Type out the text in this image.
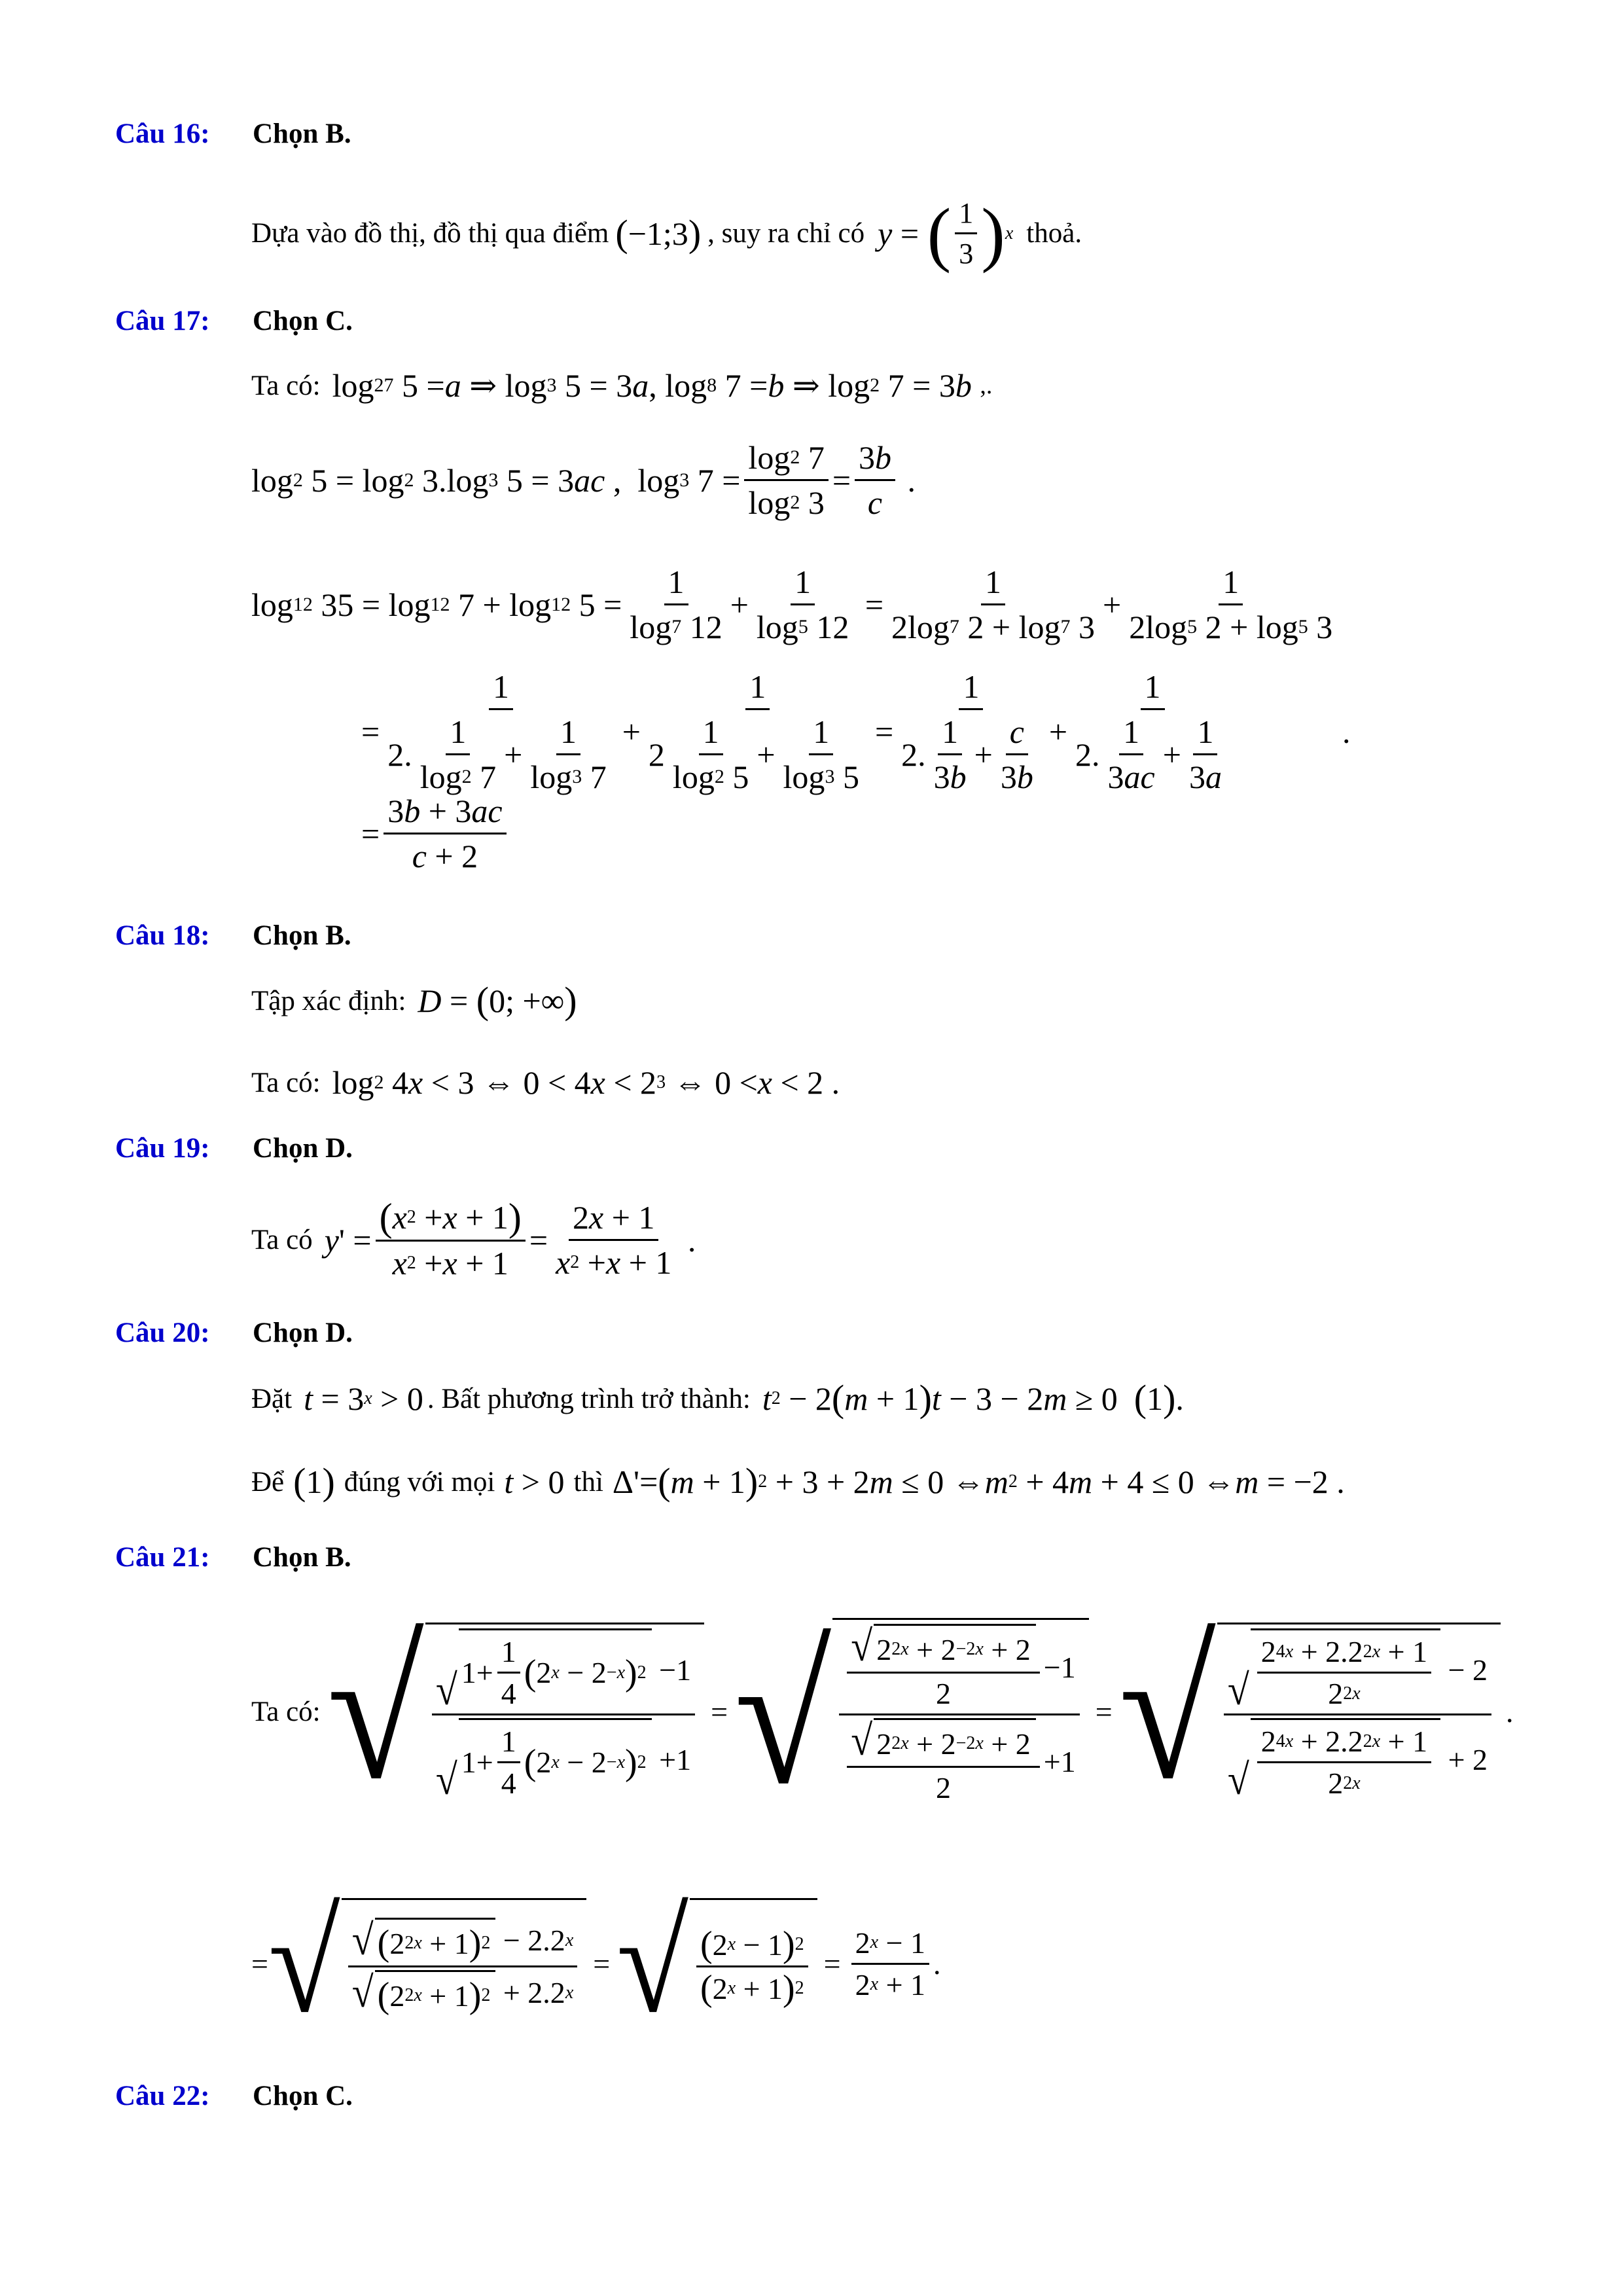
Câu 16: Chọn B.
Dựa vào đồ thị, đồ thị qua điểm ( −1;3 ) , suy ra chỉ có y = ( 1
3 ) x thoả.
Câu 17: Chọn C.
Ta có: log 27 5 = a ⇒ log 3 5 = 3 a , log 8 7 = b ⇒ log 2 7 = 3 b
,.
log 2 5 = log 2 3.log 3 5 = 3 ac ,  log 3 7 =
log 2 7
log 2 3
=
3 b
c
.
log 12 35 = log 12 7 + log 12 5 =
1
log 7 12
+
1
log 5 12
=
1
2log 7 2 + log 7 3
+
1
2log 5 2 + log 5 3
=
1
2.
1
log 2 7
+
1
log 3 7
+
1
2
1
log 2 5
+
1
log 3 5
=
1
2.
1
3 b
+
c
3 b
+
1
2.
1
3 ac
+
1
3 a
.
=
3 b + 3 ac
c + 2
Câu 18: Chọn B.
Tập xác định: D = ( 0; +∞ )
Ta có: log 2 4 x < 3 ⇔ 0 < 4 x < 2 3 ⇔ 0 < x < 2 .
Câu 19: Chọn D.
Ta có y ' =
( x 2 + x + 1 )
x 2 + x + 1
=
2 x + 1
x 2 + x + 1
.
Câu 20: Chọn D.
Đặt t = 3 x > 0 . Bất phương trình trở thành: t 2 − 2 ( m + 1 ) t − 3 − 2 m ≥ 0 ( 1 ) .
Để ( 1 ) đúng với mọi t > 0 thì Δ'= ( m + 1 ) 2 + 3 + 2 m ≤ 0 ⇔ m 2 + 4 m + 4 ≤ 0 ⇔ m = −2 .
Câu 21: Chọn B.
Ta có: √ √ 1+
1
4
( 2 x − 2 −x ) 2 −1
√ 1+
1
4
( 2 x − 2 −x ) 2 +1
= √ √ 2 2x + 2 −2x + 2
2
−1
√ 2 2x + 2 −2x + 2
2
+1
= √ √
2 4x + 2.2 2x + 1
2 2x
− 2
√
2 4x + 2.2 2x + 1
2 2x
+ 2
.
= √ √ ( 2 2x + 1 ) 2 − 2.2 x
√ ( 2 2x + 1 ) 2 + 2.2 x
= √ ( 2 x − 1 ) 2
( 2 x + 1 ) 2
= $\frac{2 x - 1}{2 x + 1}$ .
Câu 22: Chọn C.
